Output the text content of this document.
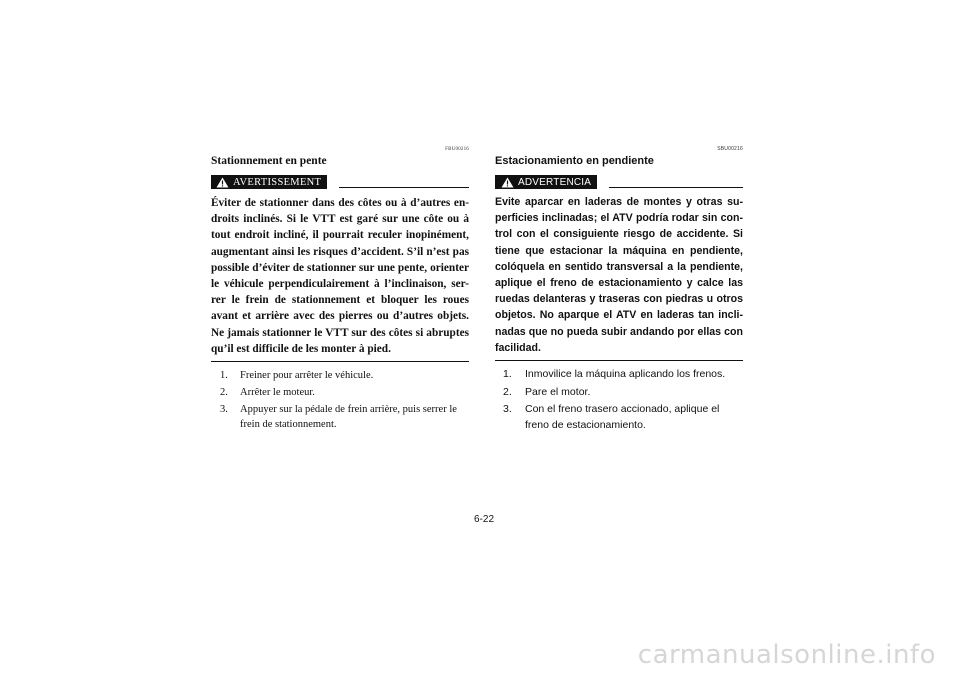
FBU00216
Stationnement en pente
AVERTISSEMENT
Éviter de stationner dans des côtes ou à d’autres en-droits inclinés. Si le VTT est garé sur une côte ou à tout endroit incliné, il pourrait reculer inopinément, augmentant ainsi les risques d’accident. S’il n’est pas possible d’éviter de stationner sur une pente, orienter le véhicule perpendiculairement à l’inclinaison, ser-rer le frein de stationnement et bloquer les roues avant et arrière avec des pierres ou d’autres objets. Ne jamais stationner le VTT sur des côtes si abruptes qu’il est difficile de les monter à pied.
1.	Freiner pour arrêter le véhicule.
2.	Arrêter le moteur.
3.	Appuyer sur la pédale de frein arrière, puis serrer le frein de stationnement.
SBU00216
Estacionamiento en pendiente
ADVERTENCIA
Evite aparcar en laderas de montes y otras su-perficies inclinadas; el ATV podría rodar sin con-trol con el consiguiente riesgo de accidente. Si tiene que estacionar la máquina en pendiente, colóquela en sentido transversal a la pendiente, aplique el freno de estacionamiento y calce las ruedas delanteras y traseras con piedras u otros objetos. No aparque el ATV en laderas tan incli-nadas que no pueda subir andando por ellas con facilidad.
1.	Inmovilice la máquina aplicando los frenos.
2.	Pare el motor.
3.	Con el freno trasero accionado, aplique el freno de estacionamiento.
6-22
carmanualsonline.info
